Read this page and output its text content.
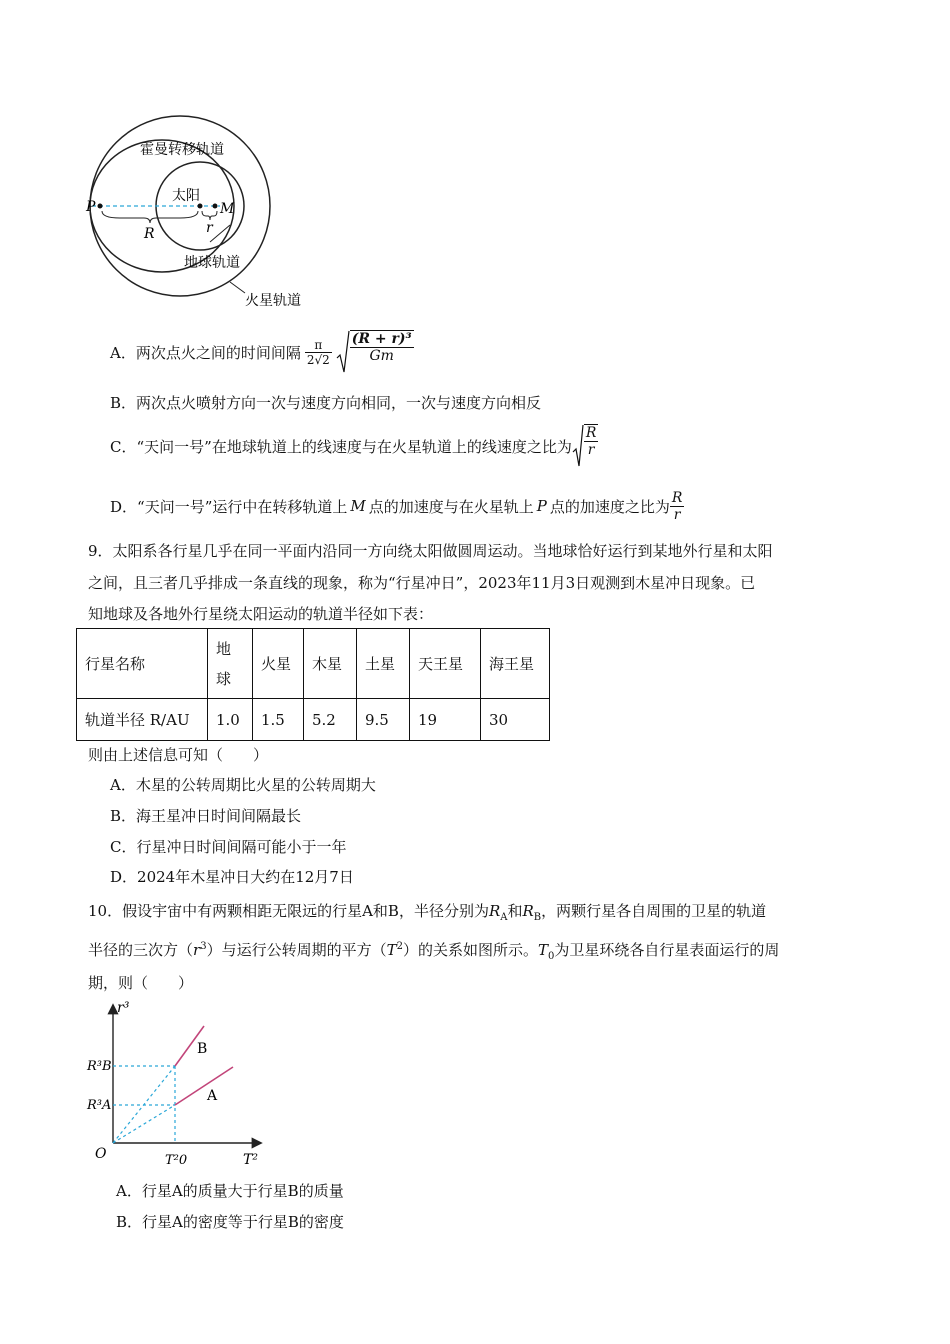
霍曼转移轨道
太阳
P	M
R	r
地球轨道
火星轨道
A．两次点火之间的时间间隔 $\frac{\pi}{2√2} \frac{\text{(R + r)³}}{Gm}$
B．两次点火喷射方向一次与速度方向相同，一次与速度方向相反
C．“天问一号”在地球轨道上的线速度与在火星轨道上的线速度之比为 $\frac{R}{r}$
D．“天问一号”运行中在转移轨道上 M 点的加速度与在火星轨上 P 点的加速度之比为 $\frac{R}{r}$
9．太阳系各行星几乎在同一平面内沿同一方向绕太阳做圆周运动。当地球恰好运行到某地外行星和太阳
之间，且三者几乎排成一条直线的现象，称为“行星冲日”，2023年11月3日观测到木星冲日现象。已
知地球及各地外行星绕太阳运动的轨道半径如下表：
行星名称	地球	火星	木星	土星	天王星	海王星
轨道半径 R/AU	1.0	1.5	5.2	9.5	19	30
则由上述信息可知（　　）
A．木星的公转周期比火星的公转周期大
B．海王星冲日时间间隔最长
C．行星冲日时间间隔可能小于一年
D．2024年木星冲日大约在12月7日
10．假设宇宙中有两颗相距无限远的行星A和B，半径分别为$R_A$和$R_B$，两颗行星各自周围的卫星的轨道
半径的三次方$(r^3)$与运行公转周期的平方$(T^2)$的关系如图所示。$T_0$为卫星环绕各自行星表面运行的周
期，则（　　）
r³
T²
O
R³B
R³A
T²0
B
A
A．行星A的质量大于行星B的质量
B．行星A的密度等于行星B的密度
